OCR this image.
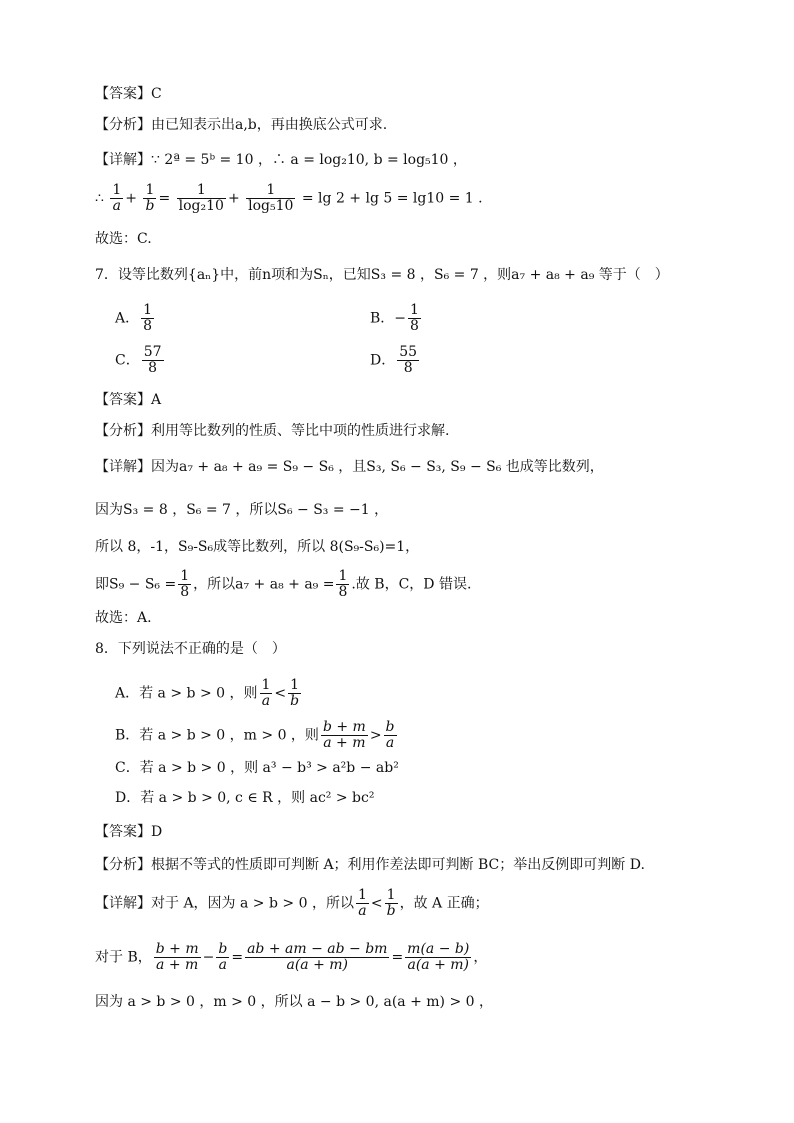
【答案】C
【分析】由已知表示出a,b，再由换底公式可求.
【详解】∵ 2ª = 5ᵇ = 10 ，∴ a = log₂10, b = log₅10 ，
∴ $\frac{1}{a} + \frac{1}{b} = \frac{1}{\text{log₂10}} + \frac{1}{\text{log₅10}} = \lg 2 + \lg 5 = \lg 10 = 1$ .
故选：C.
7．设等比数列{aₙ}中，前n项和为Sₙ，已知S₃ = 8 ，S₆ = 7 ，则a₇ + a₈ + a₉ 等于（　）
A． $\frac{1}{8}$	B．− $\frac{1}{8}$
C． $\frac{57}{8}$	D． $\frac{55}{8}$
【答案】A
【分析】利用等比数列的性质、等比中项的性质进行求解.
【详解】因为a₇ + a₈ + a₉ = S₉ − S₆ ，且S₃, S₆ − S₃, S₉ − S₆ 也成等比数列，
因为S₃ = 8 ，S₆ = 7 ，所以S₆ − S₃ = −1 ，
所以 8，-1，S₉-S₆成等比数列，所以 8(S₉-S₆)=1，
即$S_9 - S_6 = \frac{1}{8}$ ，所以$a_7 + a_8 + a_9 = \frac{1}{8}$ .故 B，C，D 错误.
故选：A.
8．下列说法不正确的是（　）
A．若 a > b > 0 ，则 $\frac{1}{a} < \frac{1}{b}$
B．若 a > b > 0 ，m > 0 ，则 $\frac{b + m}{a + m} > \frac{b}{a}$
C．若 a > b > 0 ，则 a³ − b³ > a²b − ab²
D．若 a > b > 0, c ∈ R ，则 ac² > bc²
【答案】D
【分析】根据不等式的性质即可判断 A；利用作差法即可判断 BC；举出反例即可判断 D.
【详解】对于 A，因为 a > b > 0 ，所以 $\frac{1}{a} < \frac{1}{b}$ ，故 A 正确；
对于 B， $\frac{b + m}{a + m} - \frac{b}{a} = \frac{ab + am - ab - bm}{a(a + m)} = \frac{m(a - b)}{a(a + m)}$ ，
因为 a > b > 0 ，m > 0 ，所以 a − b > 0, a(a + m) > 0 ，
